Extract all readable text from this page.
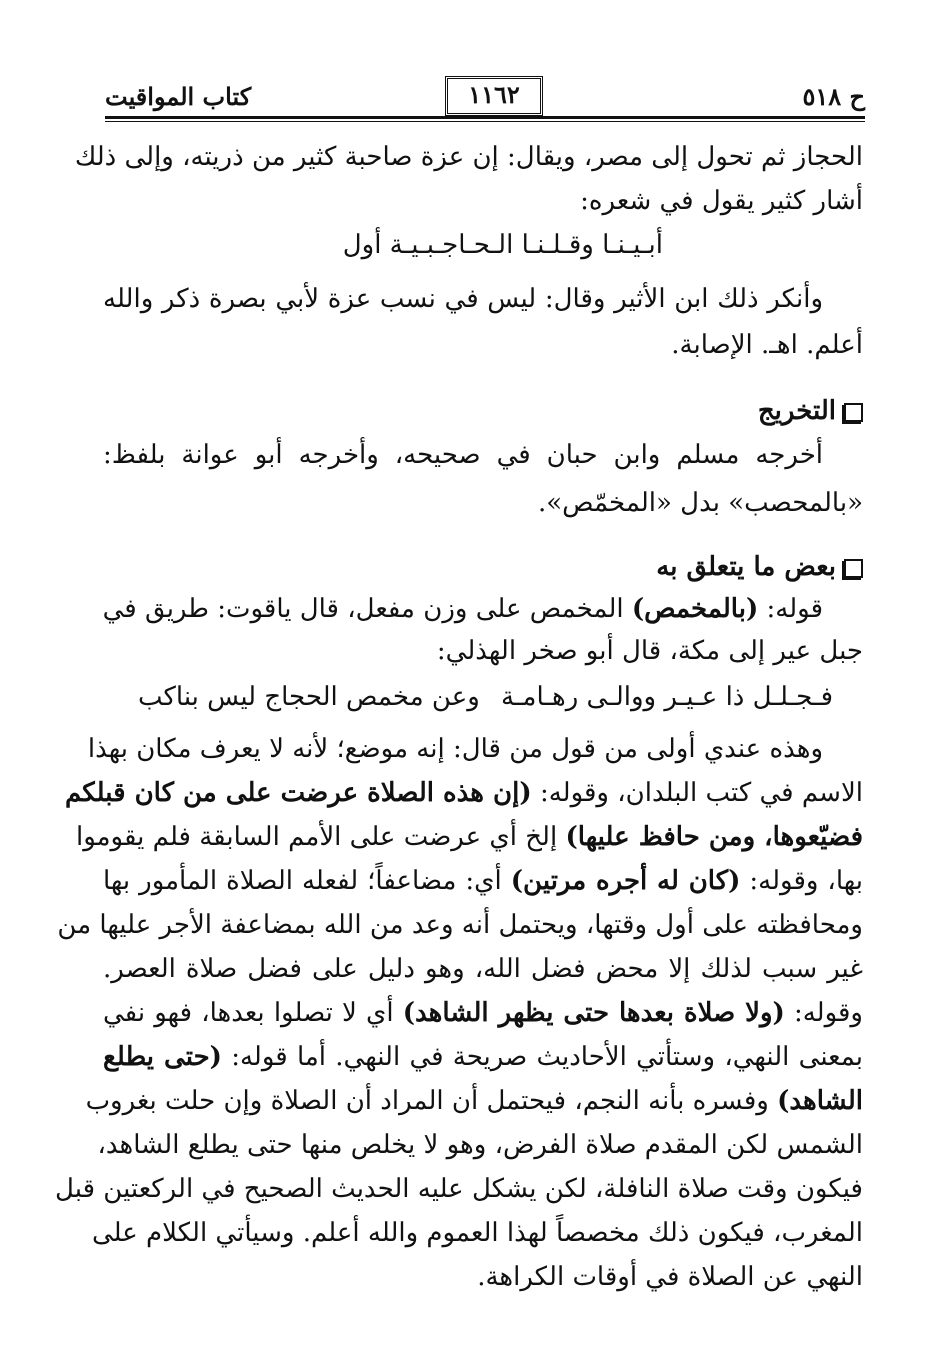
ح ٥١٨
١١٦٢
كتاب المواقيت
الحجاز ثم تحول إلى مصر، ويقال: إن عزة صاحبة كثير من ذريته، وإلى ذلك
أشار كثير يقول في شعره:
أبـيـنـا وقـلـنـا الـحـاجـبـيـة أول
وأنكر ذلك ابن الأثير وقال: ليس في نسب عزة لأبي بصرة ذكر والله
أعلم. اهـ. الإصابة.
التخريج
أخرجه مسلم وابن حبان في صحيحه، وأخرجه أبو عوانة بلفظ:
«بالمحصب» بدل «المخمّص».
بعض ما يتعلق به
قوله: (بالمخمص) المخمص على وزن مفعل، قال ياقوت: طريق في
جبل عير إلى مكة، قال أبو صخر الهذلي:
فـجـلـل ذا عـيـر ووالـى رهـامـة
وعن مخمص الحجاج ليس بناكب
وهذه عندي أولى من قول من قال: إنه موضع؛ لأنه لا يعرف مكان بهذا
الاسم في كتب البلدان، وقوله: (إن هذه الصلاة عرضت على من كان قبلكم
فضيّعوها، ومن حافظ عليها) إلخ أي عرضت على الأمم السابقة فلم يقوموا
بها، وقوله: (كان له أجره مرتين) أي: مضاعفاً؛ لفعله الصلاة المأمور بها
ومحافظته على أول وقتها، ويحتمل أنه وعد من الله بمضاعفة الأجر عليها من
غير سبب لذلك إلا محض فضل الله، وهو دليل على فضل صلاة العصر.
وقوله: (ولا صلاة بعدها حتى يظهر الشاهد) أي لا تصلوا بعدها، فهو نفي
بمعنى النهي، وستأتي الأحاديث صريحة في النهي. أما قوله: (حتى يطلع
الشاهد) وفسره بأنه النجم، فيحتمل أن المراد أن الصلاة وإن حلت بغروب
الشمس لكن المقدم صلاة الفرض، وهو لا يخلص منها حتى يطلع الشاهد،
فيكون وقت صلاة النافلة، لكن يشكل عليه الحديث الصحيح في الركعتين قبل
المغرب، فيكون ذلك مخصصاً لهذا العموم والله أعلم. وسيأتي الكلام على
النهي عن الصلاة في أوقات الكراهة.
